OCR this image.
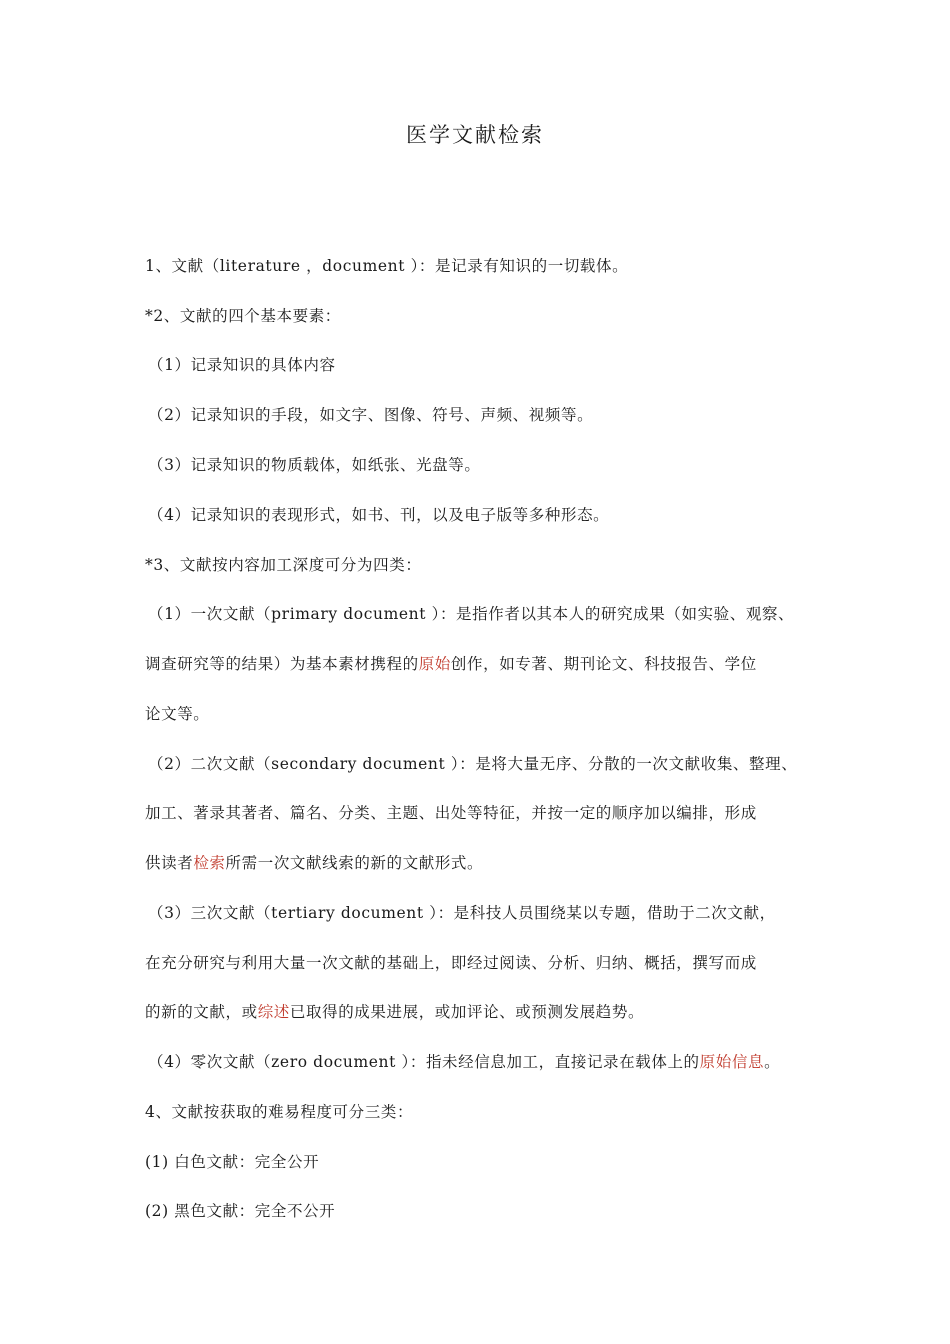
医学文献检索
1、文献（literature ，document ）：是记录有知识的一切载体。
*2、文献的四个基本要素：
（1）记录知识的具体内容
（2）记录知识的手段，如文字、图像、符号、声频、视频等。
（3）记录知识的物质载体，如纸张、光盘等。
（4）记录知识的表现形式，如书、刊，以及电子版等多种形态。
*3、文献按内容加工深度可分为四类：
（1）一次文献（primary document ）：是指作者以其本人的研究成果（如实验、观察、
调查研究等的结果）为基本素材携程的原始创作，如专著、期刊论文、科技报告、学位
论文等。
（2）二次文献（secondary document ）：是将大量无序、分散的一次文献收集、整理、
加工、著录其著者、篇名、分类、主题、出处等特征，并按一定的顺序加以编排，形成
供读者检索所需一次文献线索的新的文献形式。
（3）三次文献（tertiary document ）：是科技人员围绕某以专题，借助于二次文献，
在充分研究与利用大量一次文献的基础上，即经过阅读、分析、归纳、概括，撰写而成
的新的文献，或综述已取得的成果进展，或加评论、或预测发展趋势。
（4）零次文献（zero document ）：指未经信息加工，直接记录在载体上的原始信息。
4、文献按获取的难易程度可分三类：
(1) 白色文献：完全公开
(2) 黑色文献：完全不公开
